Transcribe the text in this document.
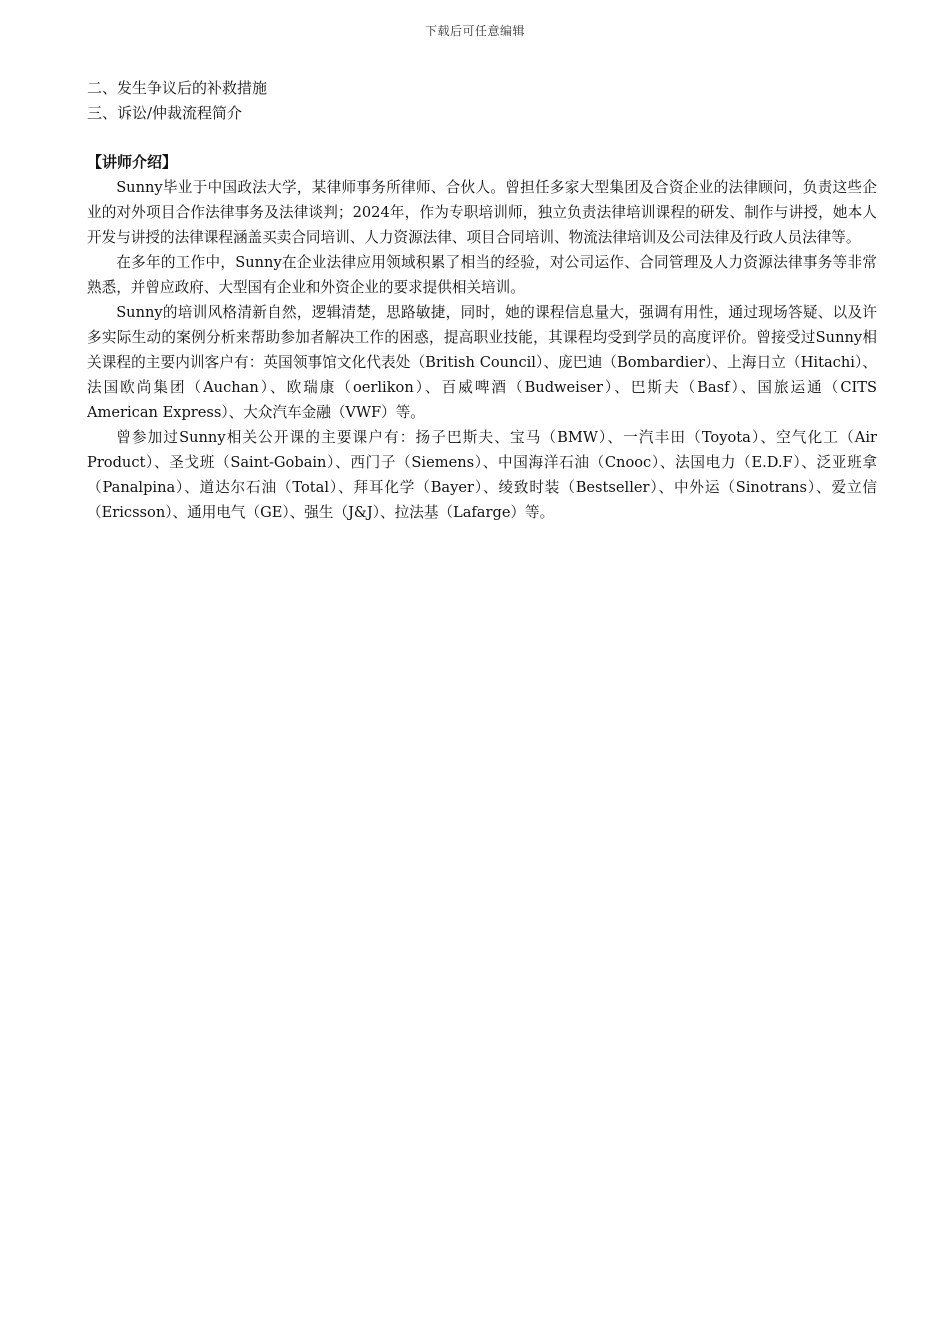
下载后可任意编辑
二、发生争议后的补救措施
三、诉讼/仲裁流程简介
【讲师介绍】

Sunny毕业于中国政法大学，某律师事务所律师、合伙人。曾担任多家大型集团及合资企业的法律顾问，负责这些企业的对外项目合作法律事务及法律谈判；2024年，作为专职培训师，独立负责法律培训课程的研发、制作与讲授，她本人开发与讲授的法律课程涵盖买卖合同培训、人力资源法律、项目合同培训、物流法律培训及公司法律及行政人员法律等。

在多年的工作中，Sunny在企业法律应用领域积累了相当的经验，对公司运作、合同管理及人力资源法律事务等非常熟悉，并曾应政府、大型国有企业和外资企业的要求提供相关培训。

Sunny的培训风格清新自然，逻辑清楚，思路敏捷，同时，她的课程信息量大，强调有用性，通过现场答疑、以及许多实际生动的案例分析来帮助参加者解决工作的困惑，提高职业技能，其课程均受到学员的高度评价。曾接受过Sunny相关课程的主要内训客户有：英国领事馆文化代表处（British Council）、庞巴迪（Bombardier）、上海日立（Hitachi）、法国欧尚集团（Auchan）、欧瑞康（oerlikon）、百威啤酒（Budweiser）、巴斯夫（Basf）、国旅运通（CITS American Express）、大众汽车金融（VWF）等。

曾参加过Sunny相关公开课的主要课户有：扬子巴斯夫、宝马（BMW）、一汽丰田（Toyota）、空气化工（Air Product）、圣戈班（Saint-Gobain）、西门子（Siemens）、中国海洋石油（Cnooc）、法国电力（E.D.F）、泛亚班拿（Panalpina）、道达尔石油（Total）、拜耳化学（Bayer）、绫致时装（Bestseller）、中外运（Sinotrans）、爱立信（Ericsson）、通用电气（GE）、强生（J&J）、拉法基（Lafarge）等。
